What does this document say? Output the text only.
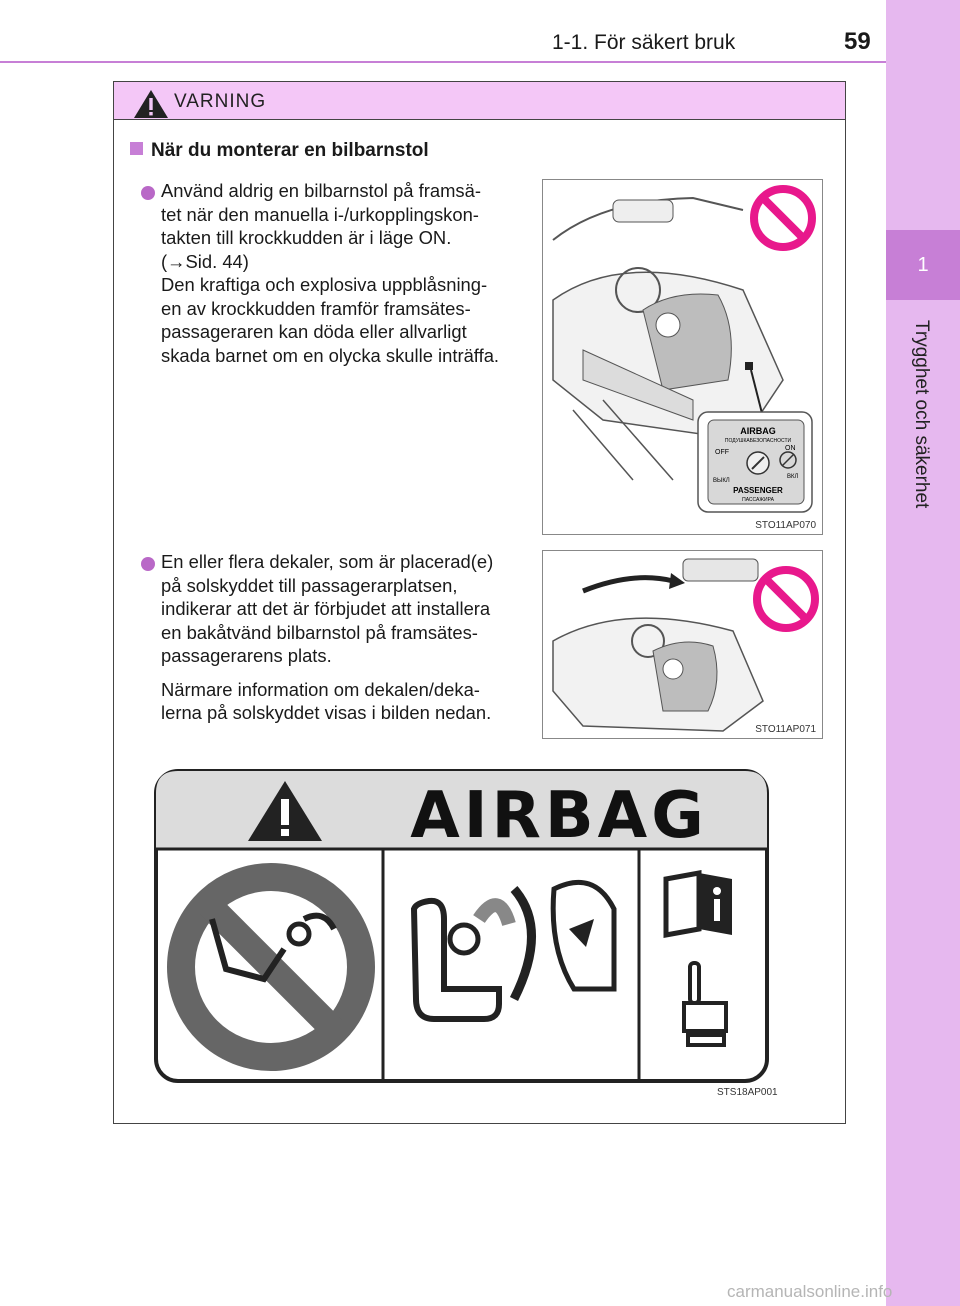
1-1. För säkert bruk	59
1
Trygghet och säkerhet
VARNING
När du monterar en bilbarnstol
Använd aldrig en bilbarnstol på framsä-
tet när den manuella i-/urkopplingskon-
takten till krockkudden är i läge ON.
(→Sid. 44)
Den kraftiga och explosiva uppblåsning-
en av krockkudden framför framsätes-
passageraren kan döda eller allvarligt
skada barnet om en olycka skulle inträffa.
AIRBAG
ПОДУШКАБЕЗОПАСНОСТИ
OFF
ON
ВЫКЛ
ВКЛ
PASSENGER
ПАССАЖИРА
STO11AP070
En eller flera dekaler, som är placerad(e)
på solskyddet till passagerarplatsen,
indikerar att det är förbjudet att installera
en bakåtvänd bilbarnstol på framsätes-
passagerarens plats.
Närmare information om dekalen/deka-
lerna på solskyddet visas i bilden nedan.
STO11AP071
AIRBAG
STS18AP001
carmanualsonline.info
